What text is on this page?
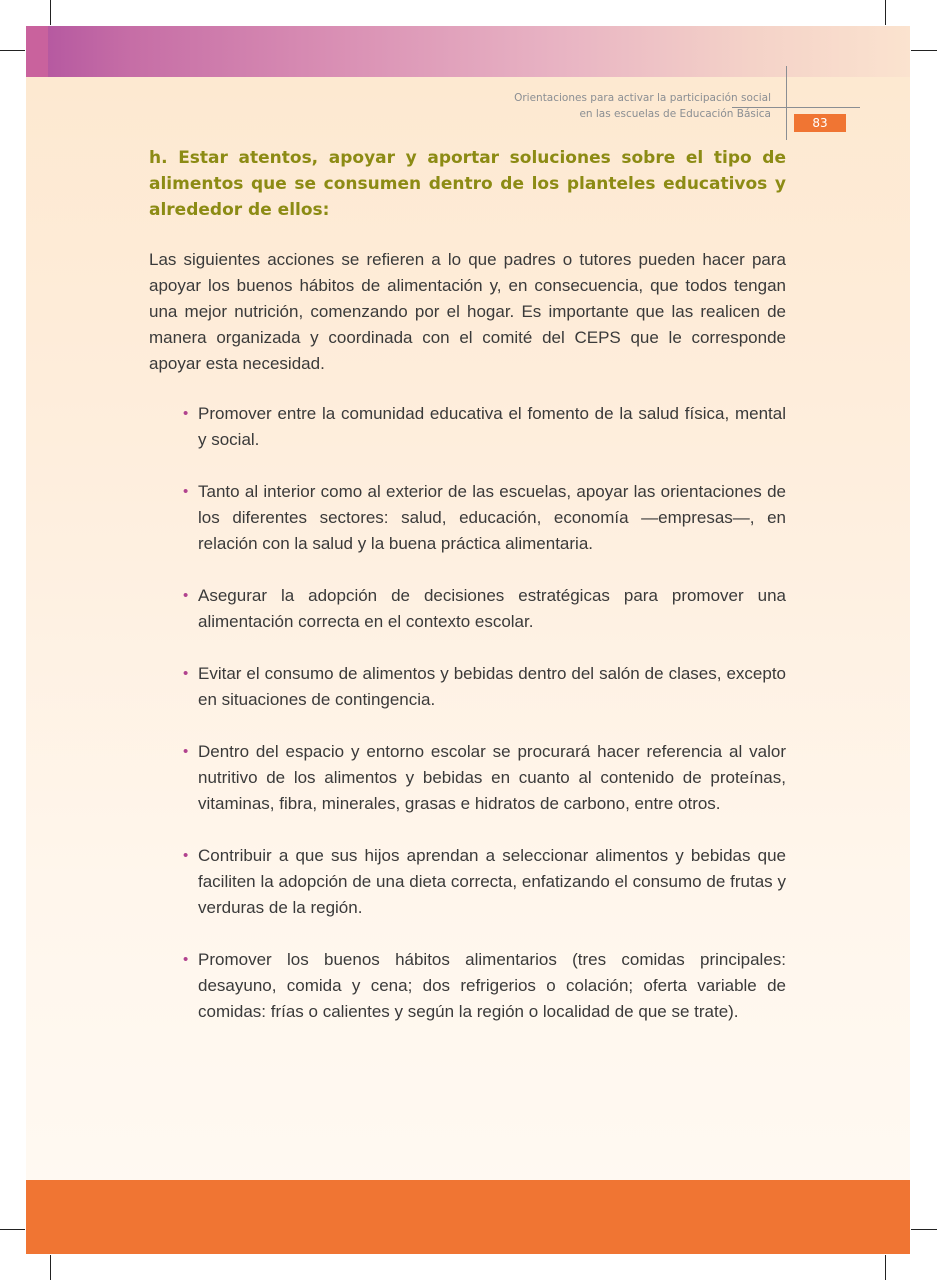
Orientaciones para activar la participación social
en las escuelas de Educación Básica
83

h. Estar atentos, apoyar y aportar soluciones sobre el tipo de alimentos que se consumen dentro de los planteles educativos y alrededor de ellos:

Las siguientes acciones se refieren a lo que padres o tutores pueden hacer para apoyar los buenos hábitos de alimentación y, en consecuencia, que todos tengan una mejor nutrición, comenzando por el hogar. Es importante que las realicen de manera organizada y coordinada con el comité del CEPS que le corresponde apoyar esta necesidad.

• Promover entre la comunidad educativa el fomento de la salud física, mental y social.
• Tanto al interior como al exterior de las escuelas, apoyar las orientaciones de los diferentes sectores: salud, educación, economía —empresas—, en relación con la salud y la buena práctica alimentaria.
• Asegurar la adopción de decisiones estratégicas para promover una alimentación correcta en el contexto escolar.
• Evitar el consumo de alimentos y bebidas dentro del salón de clases, excepto en situaciones de contingencia.
• Dentro del espacio y entorno escolar se procurará hacer referencia al valor nutritivo de los alimentos y bebidas en cuanto al contenido de proteínas, vitaminas, fibra, minerales, grasas e hidratos de carbono, entre otros.
• Contribuir a que sus hijos aprendan a seleccionar alimentos y bebidas que faciliten la adopción de una dieta correcta, enfatizando el consumo de frutas y verduras de la región.
• Promover los buenos hábitos alimentarios (tres comidas principales: desayuno, comida y cena; dos refrigerios o colación; oferta variable de comidas: frías o calientes y según la región o localidad de que se trate).
